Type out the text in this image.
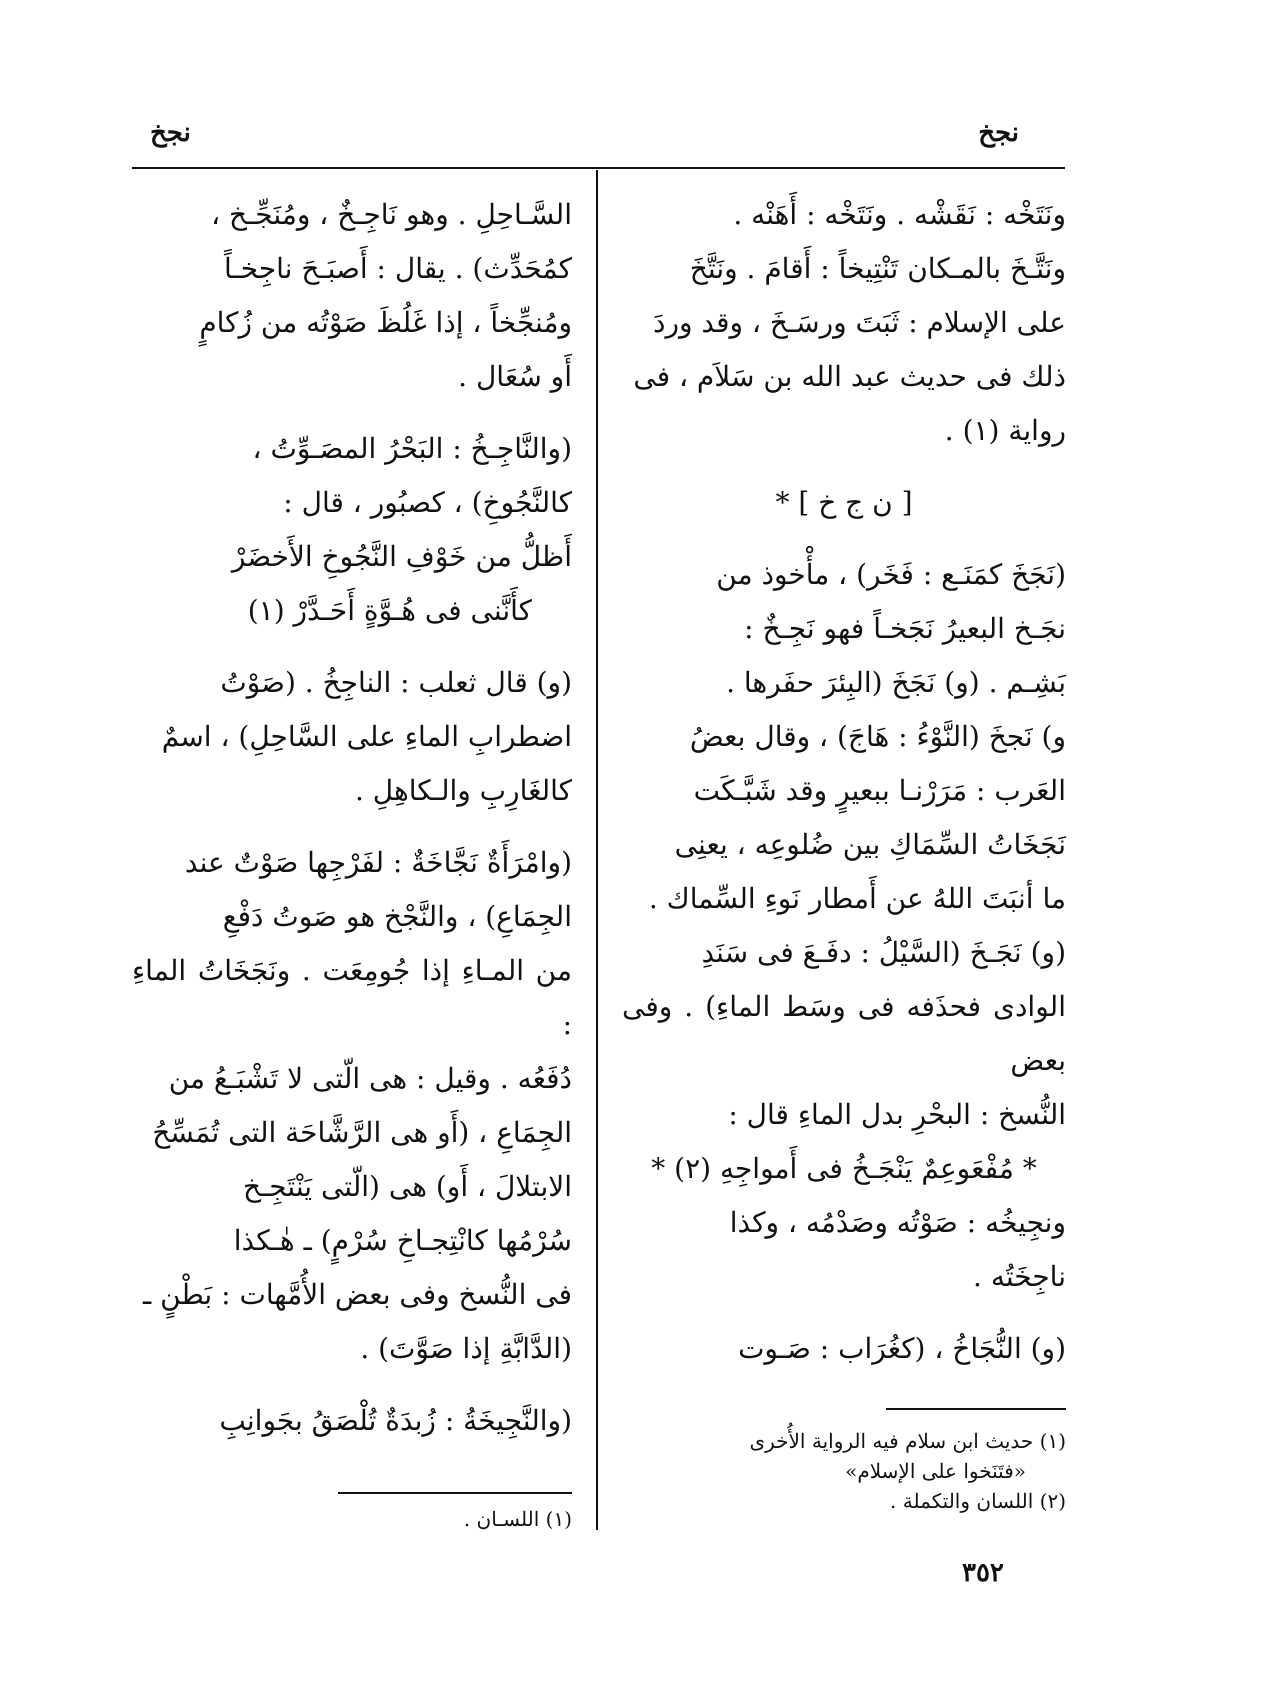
نجخ
نجخ

ونَتَخْه : نَقَشْه . ونَتَخْه : أَهَنْه .

ونَتَّـخَ بالمـكان تَنْتِيخاً : أَقامَ . ونَتَّخَ

على الإسلام : ثَبَتَ ورسَـخَ ، وقد وردَ

ذلك فى حديث عبد الله بن سَلاَم ، فى

رواية (١) .

[ ن ج خ ] *

(نَجَخَ كمَنَـع : فَخَر) ، مأْخوذ من

نجَـخ البعيرُ نَجَخـاً فهو نَجِـخٌ :

بَشِـم . (و) نَجَخَ (البِئرَ حفَرها .

و) نَجخَ (النَّوْءُ : هَاجَ) ، وقال بعضُ

العَرب : مَرَرْنـا ببعيرٍ وقد شَبَّـكَت

نَجَخَاتُ السِّمَاكِ بين ضُلوعِه ، يعنِى

ما أنبَتَ اللهُ عن أَمطار نَوءِ السِّماك .

(و) نَجَـخَ (السَّيْلُ : دفَـعَ فى سَنَدِ

الوادى فحذَفه فى وسَط الماءِ) . وفى بعض

النُّسخ : البحْرِ بدل الماءِ قال :

* مُفْعَوعِمٌ يَنْجَـخُ فى أَمواجِهِ (٢) *

ونجِيخُه : صَوْتُه وصَدْمُه ، وكذا

ناجِخَتُه .

(و) النُّجَاخُ ، (كغُرَاب : صَـوت

السَّـاحِلِ . وهو نَاجِـخٌ ، ومُنَجِّـخ ،

كمُحَدِّث) . يقال : أَصبَـحَ ناجِخـاً

ومُنجِّخاً ، إذا غَلُظَ صَوْتُه من زُكامٍ

أَو سُعَال .

(والنَّاجِـخُ : البَحْرُ المصَـوِّتُ ،

كالنَّجُوخِ) ، كصبُور ، قال :

أَظلُّ من خَوْفِ النَّجُوخِ الأَخضَرْ

كأَنَّنى فى هُـوَّةٍ أَحَـدَّرْ (١)

(و) قال ثعلب : الناجِخُ . (صَوْتُ

اضطرابِ الماءِ على السَّاحِلِ) ، اسمٌ

كالغَارِبِ والـكاهِلِ .

(وامْرَأَةٌ نَجَّاخَةٌ : لفَرْجِها صَوْتٌ عند

الجِمَاعِ) ، والنَّجْخ هو صَوتُ دَفْعِ

من المـاءِ إذا جُومِعَت . ونَجَخَاتُ الماءِ :

دُفَعُه . وقيل : هى الّتى لا تَشْبَـعُ من

الجِمَاعِ ، (أَو هى الرَّشَّاحَة التى تُمَسِّحُ

الابتلالَ ، أَو) هى (الّتى يَنْتَجِـخ

سُرْمُها كانْتِجـاخِ سُرْمٍ) ـ هٰـكذا

فى النُّسخ وفى بعض الأُمَّهات : بَطْنٍ ـ

(الدَّابَّةِ إذا صَوَّتَ) .

(والنَّجِيخَةُ : زُبدَةٌ تُلْصَقُ بجَوانِبِ

(١) حديث ابن سلام فيه الرواية الأُخرى

«فتَنَخوا على الإسلام»

(٢) اللسان والتكملة .

(١) اللسـان .
٣٥٢
